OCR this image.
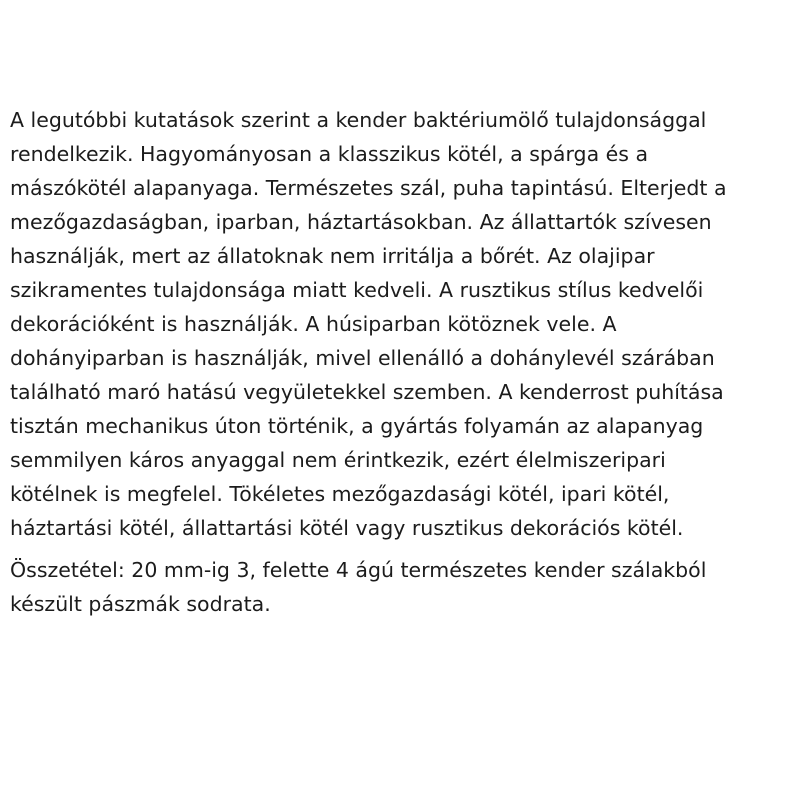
A legutóbbi kutatások szerint a kender baktériumölő tulajdonsággal
rendelkezik. Hagyományosan a klasszikus kötél, a spárga és a
mászókötél alapanyaga. Természetes szál, puha tapintású. Elterjedt a
mezőgazdaságban, iparban, háztartásokban. Az állattartók szívesen
használják, mert az állatoknak nem irritálja a bőrét. Az olajipar
szikramentes tulajdonsága miatt kedveli. A rusztikus stílus kedvelői
dekorációként is használják. A húsiparban kötöznek vele. A
dohányiparban is használják, mivel ellenálló a dohánylevél szárában
található maró hatású vegyületekkel szemben. A kenderrost puhítása
tisztán mechanikus úton történik, a gyártás folyamán az alapanyag
semmilyen káros anyaggal nem érintkezik, ezért élelmiszeripari
kötélnek is megfelel. Tökéletes mezőgazdasági kötél, ipari kötél,
háztartási kötél, állattartási kötél vagy rusztikus dekorációs kötél.
Összetétel: 20 mm-ig 3, felette 4 ágú természetes kender szálakból
készült pászmák sodrata.
